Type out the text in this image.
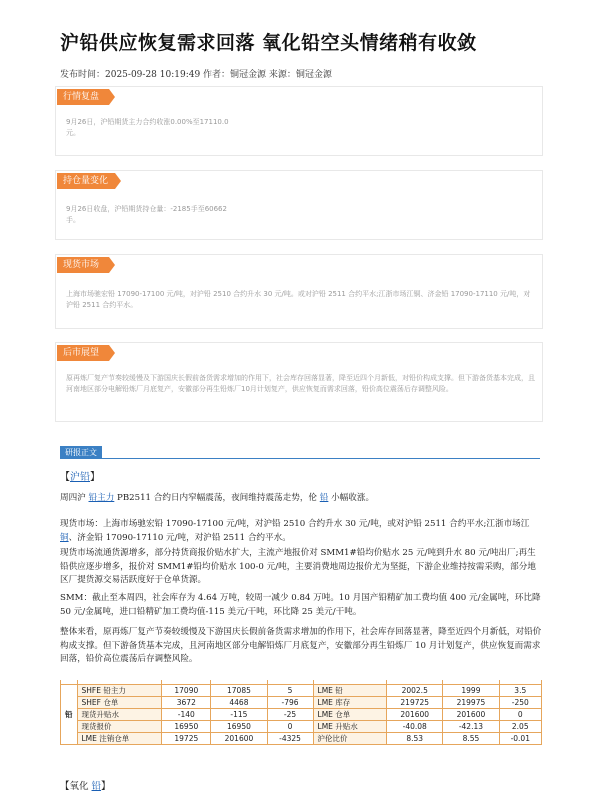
沪铅供应恢复需求回落 氧化铅空头情绪稍有收敛
发布时间：2025-09-28 10:19:49 作者：铜冠金源 来源：铜冠金源
行情复盘
9月26日，沪铅期货主力合约收涨0.00%至17110.0元。
持仓量变化
9月26日收盘，沪铅期货持仓量：-2185手至60662手。
现货市场
上海市场驰宏铅 17090-17100 元/吨，对沪铅 2510 合约升水 30 元/吨。或对沪铅 2511 合约平水;江浙市场江铜、济金铅 17090-17110 元/吨，对沪铅 2511 合约平水。
后市展望
原再炼厂复产节奏较缓慢及下游国庆长假前备货需求增加的作用下，社会库存回落显著，降至近四个月新低，对铅价构成支撑。但下游备货基本完成，且河南地区部分电解铅炼厂月底复产，安徽部分再生铅炼厂10月计划复产，供应恢复而需求回落，铅价高位震荡后存调整风险。
研报正文
【沪铅】
周四沪 铅主力 PB2511 合约日内窄幅震荡，夜间维持震荡走势，伦 铅 小幅收涨。
现货市场：上海市场驰宏铅 17090-17100 元/吨，对沪铅 2510 合约升水 30 元/吨，或对沪铅 2511 合约平水;江浙市场江 铜、济金铅 17090-17110 元/吨，对沪铅 2511 合约平水。
现货市场流通货源增多，部分持货商报价贴水扩大，主流产地报价对 SMM1#铅均价贴水 25 元/吨到升水 80 元/吨出厂;再生铅供应逐步增多，报价对 SMM1#铅均价贴水 100-0 元/吨，主要消费地周边报价尤为坚挺，下游企业维持按需采购，部分地区厂提货源交易活跃度好于仓单货源。
SMM：截止至本周四，社会库存为 4.64 万吨，较周一减少 0.84 万吨。10 月国产铅精矿加工费均值 400 元/金属吨，环比降 50 元/金属吨，进口铅精矿加工费均值-115 美元/干吨，环比降 25 美元/干吨。
整体来看，原再炼厂复产节奏较缓慢及下游国庆长假前备货需求增加的作用下，社会库存回落显著，降至近四个月新低，对铅价构成支撑。但下游备货基本完成，且河南地区部分电解铅炼厂月底复产，安徽部分再生铅炼厂 10 月计划复产，供应恢复而需求回落，铅价高位震荡后存调整风险。

铅	SHFE 铅主力	17090	17085	5	LME 铅	2002.5	1999	3.5
	SHEF 仓单	3672	4468	-796	LME 库存	219725	219975	-250
	现货升贴水	-140	-115	-25	LME 仓单	201600	201600	0
	现货报价	16950	16950	0	LME 升贴水	-40.08	-42.13	2.05
	LME 注销仓单	19725	201600	-4325	沪伦比价	8.53	8.55	-0.01
【氧化 铅】
